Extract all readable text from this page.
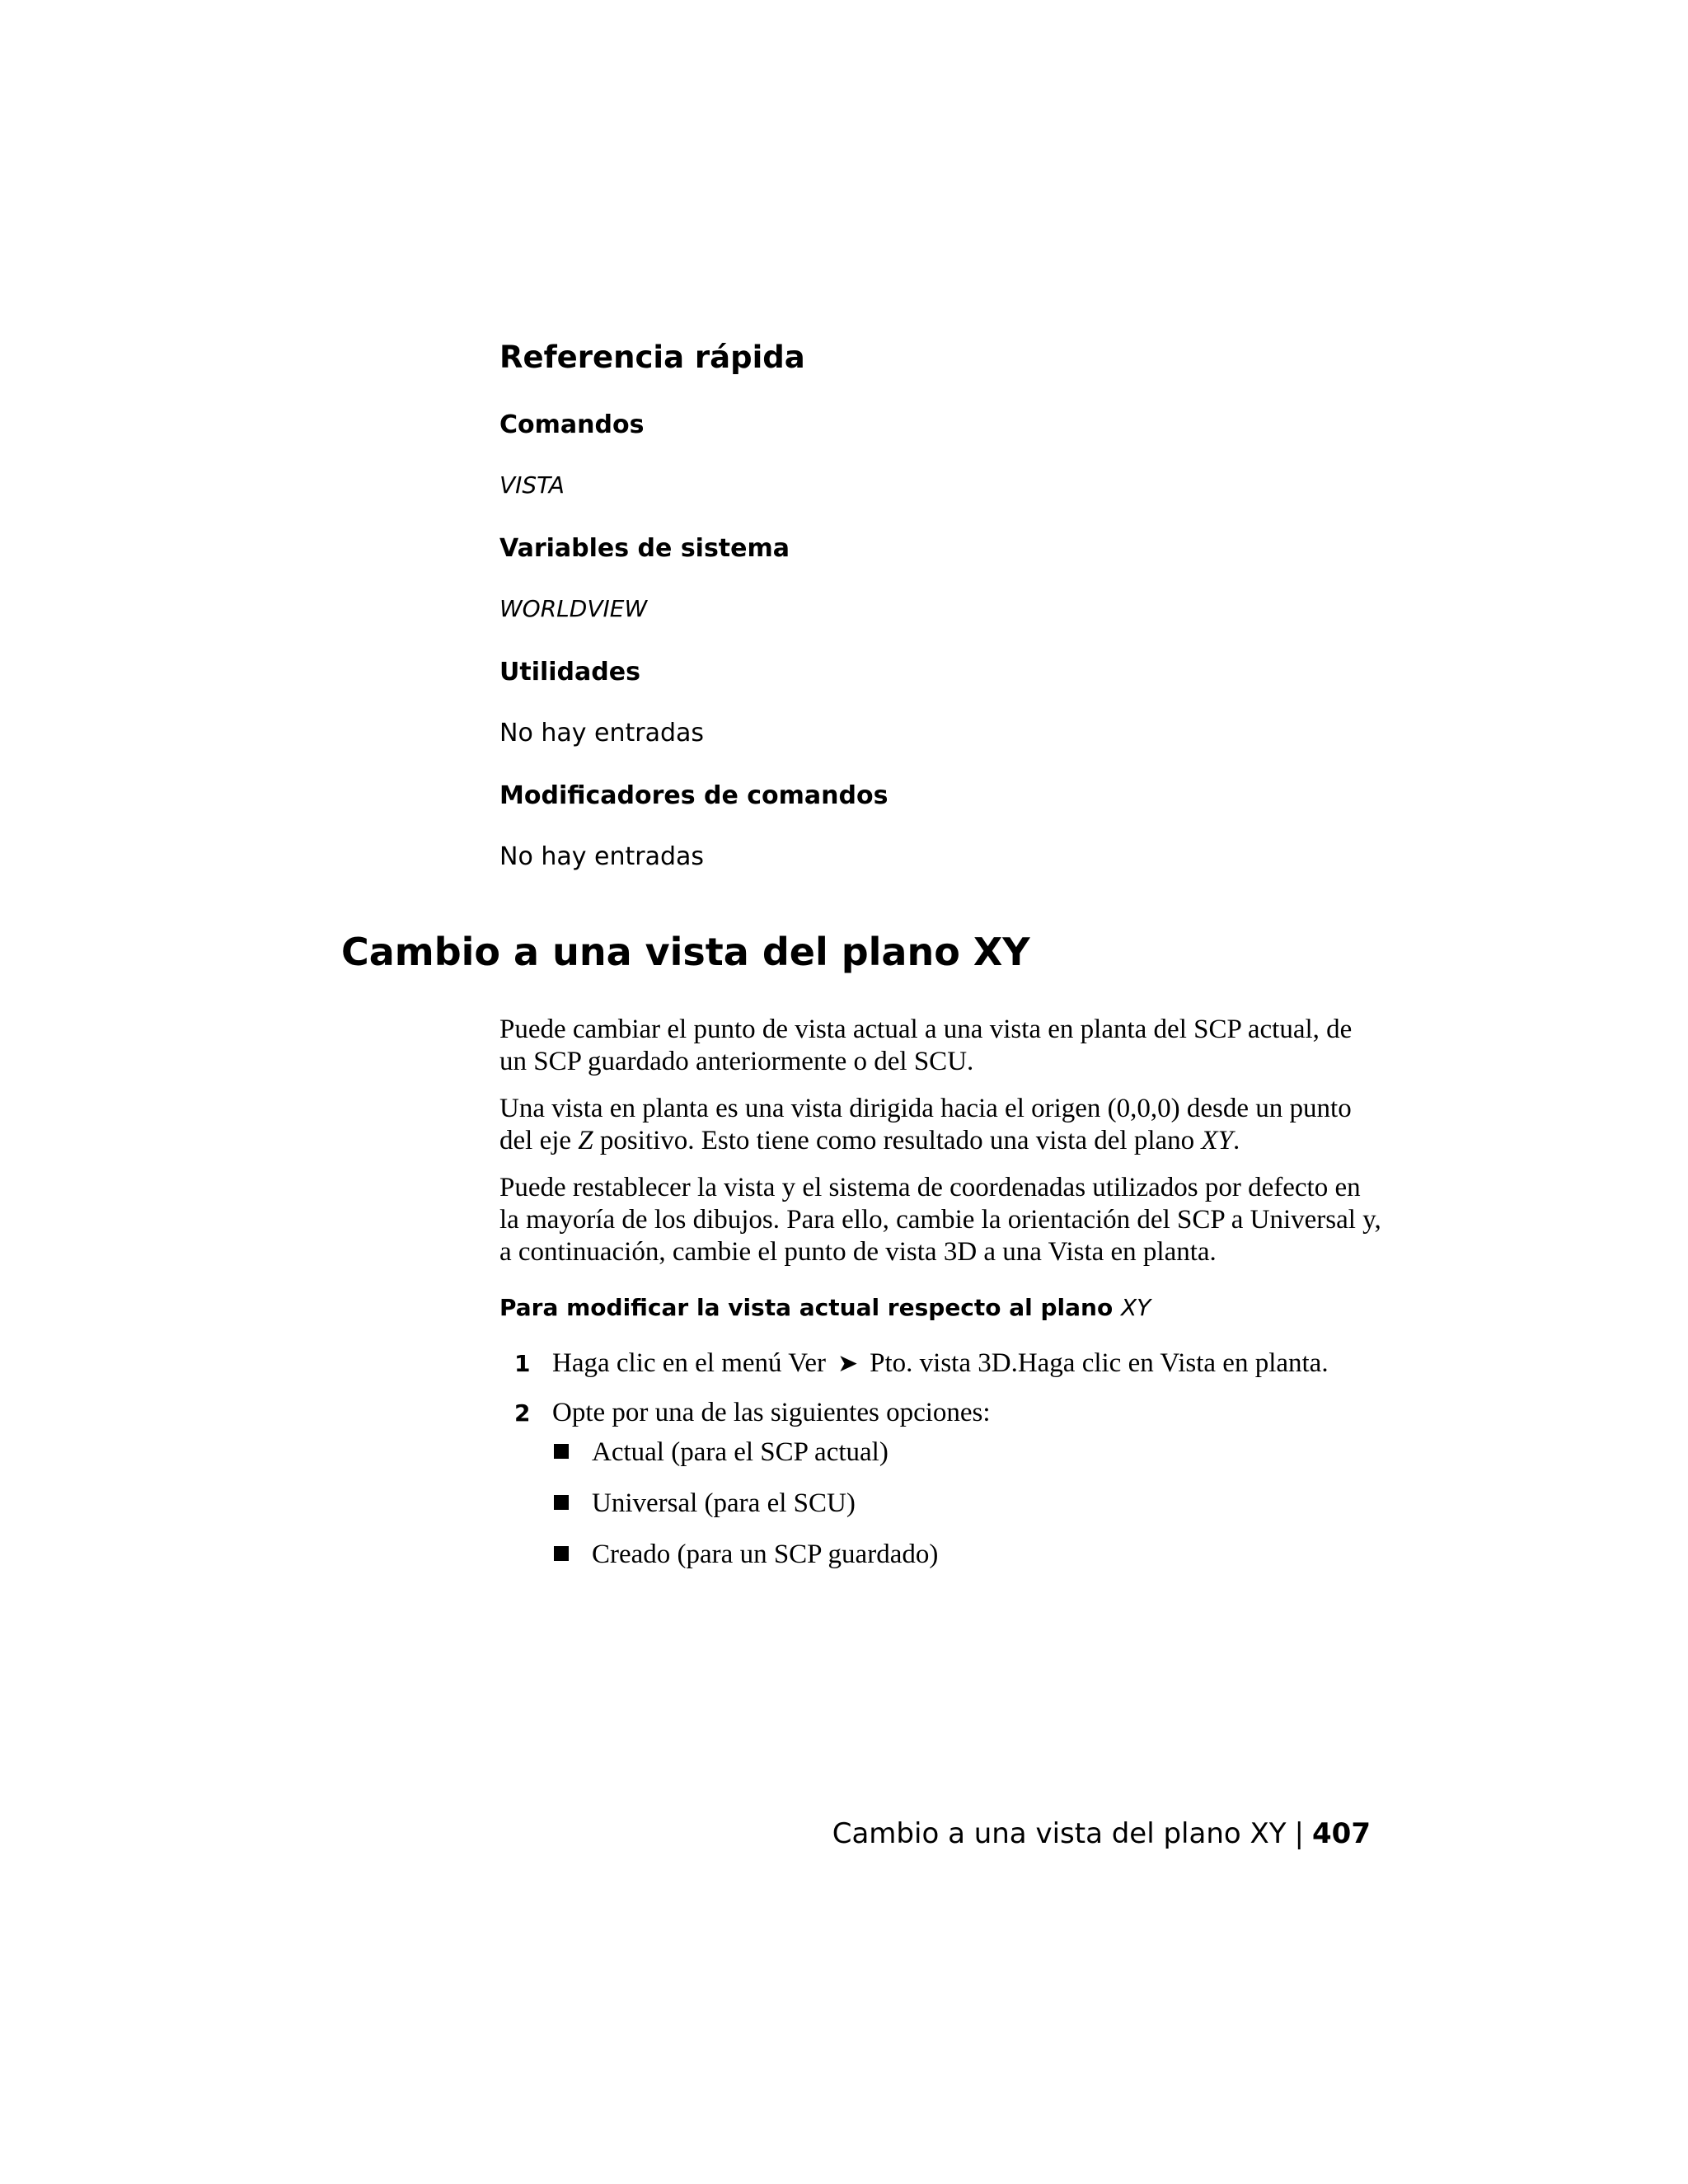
Referencia rápida
Comandos
VISTA
Variables de sistema
WORLDVIEW
Utilidades
No hay entradas
Modificadores de comandos
No hay entradas
Cambio a una vista del plano XY

Puede cambiar el punto de vista actual a una vista en planta del SCP actual, de un SCP guardado anteriormente o del SCU.

Una vista en planta es una vista dirigida hacia el origen (0,0,0) desde un punto del eje Z positivo. Esto tiene como resultado una vista del plano XY.

Puede restablecer la vista y el sistema de coordenadas utilizados por defecto en la mayoría de los dibujos. Para ello, cambie la orientación del SCP a Universal y, a continuación, cambie el punto de vista 3D a una Vista en planta.

Para modificar la vista actual respecto al plano XY
1 Haga clic en el menú Ver ➤ Pto. vista 3D.Haga clic en Vista en planta.
2 Opte por una de las siguientes opciones:
Actual (para el SCP actual)
Universal (para el SCU)
Creado (para un SCP guardado)
Cambio a una vista del plano XY | 407
